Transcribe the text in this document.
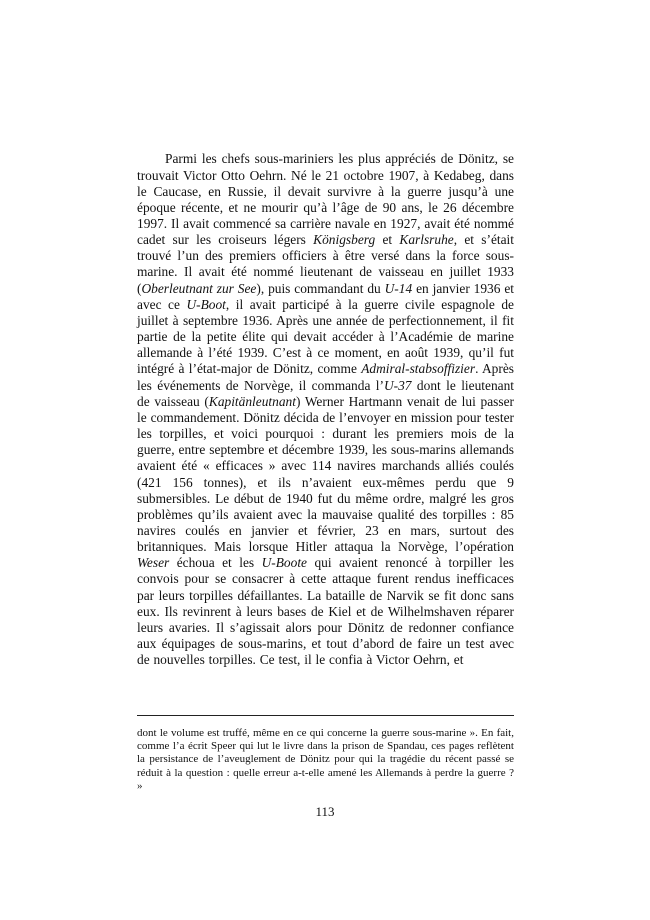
Parmi les chefs sous-mariniers les plus appréciés de Dönitz, se trouvait Victor Otto Oehrn. Né le 21 octobre 1907, à Kedabeg, dans le Caucase, en Russie, il devait survivre à la guerre jusqu’à une époque récente, et ne mourir qu’à l’âge de 90 ans, le 26 décembre 1997. Il avait commencé sa carrière navale en 1927, avait été nommé cadet sur les croiseurs légers Königsberg et Karlsruhe, et s’était trouvé l’un des premiers officiers à être versé dans la force sous-marine. Il avait été nommé lieutenant de vaisseau en juillet 1933 (Oberleutnant zur See), puis commandant du U-14 en janvier 1936 et avec ce U-Boot, il avait participé à la guerre civile espagnole de juillet à septembre 1936. Après une année de perfectionnement, il fit partie de la petite élite qui devait accéder à l’Académie de marine allemande à l’été 1939. C’est à ce moment, en août 1939, qu’il fut intégré à l’état-major de Dönitz, comme Admiral-stabsoffizier. Après les événements de Norvège, il commanda l’U-37 dont le lieutenant de vaisseau (Kapitänleutnant) Werner Hartmann venait de lui passer le commandement. Dönitz décida de l’envoyer en mission pour tester les torpilles, et voici pourquoi : durant les premiers mois de la guerre, entre septembre et décembre 1939, les sous-marins allemands avaient été « efficaces » avec 114 navires marchands alliés coulés (421 156 tonnes), et ils n’avaient eux-mêmes perdu que 9 submersibles. Le début de 1940 fut du même ordre, malgré les gros problèmes qu’ils avaient avec la mauvaise qualité des torpilles : 85 navires coulés en janvier et février, 23 en mars, surtout des britanniques. Mais lorsque Hitler attaqua la Norvège, l’opération Weser échoua et les U-Boote qui avaient renoncé à torpiller les convois pour se consacrer à cette attaque furent rendus inefficaces par leurs torpilles défaillantes. La bataille de Narvik se fit donc sans eux. Ils revinrent à leurs bases de Kiel et de Wilhelmshaven réparer leurs avaries. Il s’agissait alors pour Dönitz de redonner confiance aux équipages de sous-marins, et tout d’abord de faire un test avec de nouvelles torpilles. Ce test, il le confia à Victor Oehrn, et

dont le volume est truffé, même en ce qui concerne la guerre sous-marine ». En fait, comme l’a écrit Speer qui lut le livre dans la prison de Spandau, ces pages reflètent la persistance de l’aveuglement de Dönitz pour qui la tragédie du récent passé se réduit à la question : quelle erreur a-t-elle amené les Allemands à perdre la guerre ? »

113
